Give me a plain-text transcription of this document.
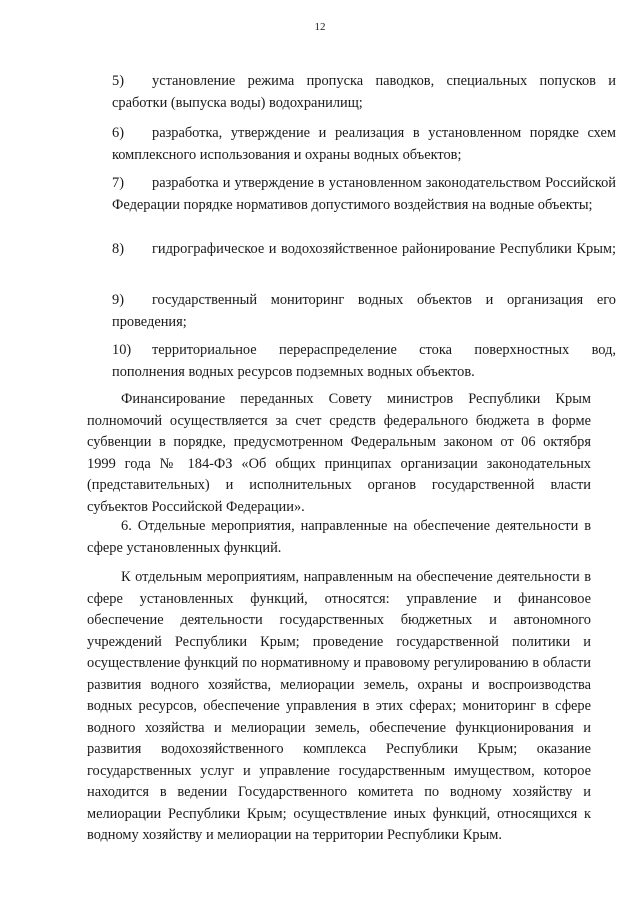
12

5) установление режима пропуска паводков, специальных попусков и сработки (выпуска воды) водохранилищ;

6) разработка, утверждение и реализация в установленном порядке схем комплексного использования и охраны водных объектов;

7) разработка и утверждение в установленном законодательством Российской Федерации порядке нормативов допустимого воздействия на водные объекты;

8) гидрографическое и водохозяйственное районирование Республики Крым;

9) государственный мониторинг водных объектов и организация его проведения;

10) территориальное перераспределение стока поверхностных вод, пополнения водных ресурсов подземных водных объектов.

Финансирование переданных Совету министров Республики Крым полномочий осуществляется за счет средств федерального бюджета в форме субвенции в порядке, предусмотренном Федеральным законом от 06 октября 1999 года № 184-ФЗ «Об общих принципах организации законодательных (представительных) и исполнительных органов государственной власти субъектов Российской Федерации».

6. Отдельные мероприятия, направленные на обеспечение деятельности в сфере установленных функций.

К отдельным мероприятиям, направленным на обеспечение деятельности в сфере установленных функций, относятся: управление и финансовое обеспечение деятельности государственных бюджетных и автономного учреждений Республики Крым; проведение государственной политики и осуществление функций по нормативному и правовому регулированию в области развития водного хозяйства, мелиорации земель, охраны и воспроизводства водных ресурсов, обеспечение управления в этих сферах; мониторинг в сфере водного хозяйства и мелиорации земель, обеспечение функционирования и развития водохозяйственного комплекса Республики Крым; оказание государственных услуг и управление государственным имуществом, которое находится в ведении Государственного комитета по водному хозяйству и мелиорации Республики Крым; осуществление иных функций, относящихся к водному хозяйству и мелиорации на территории Республики Крым.
